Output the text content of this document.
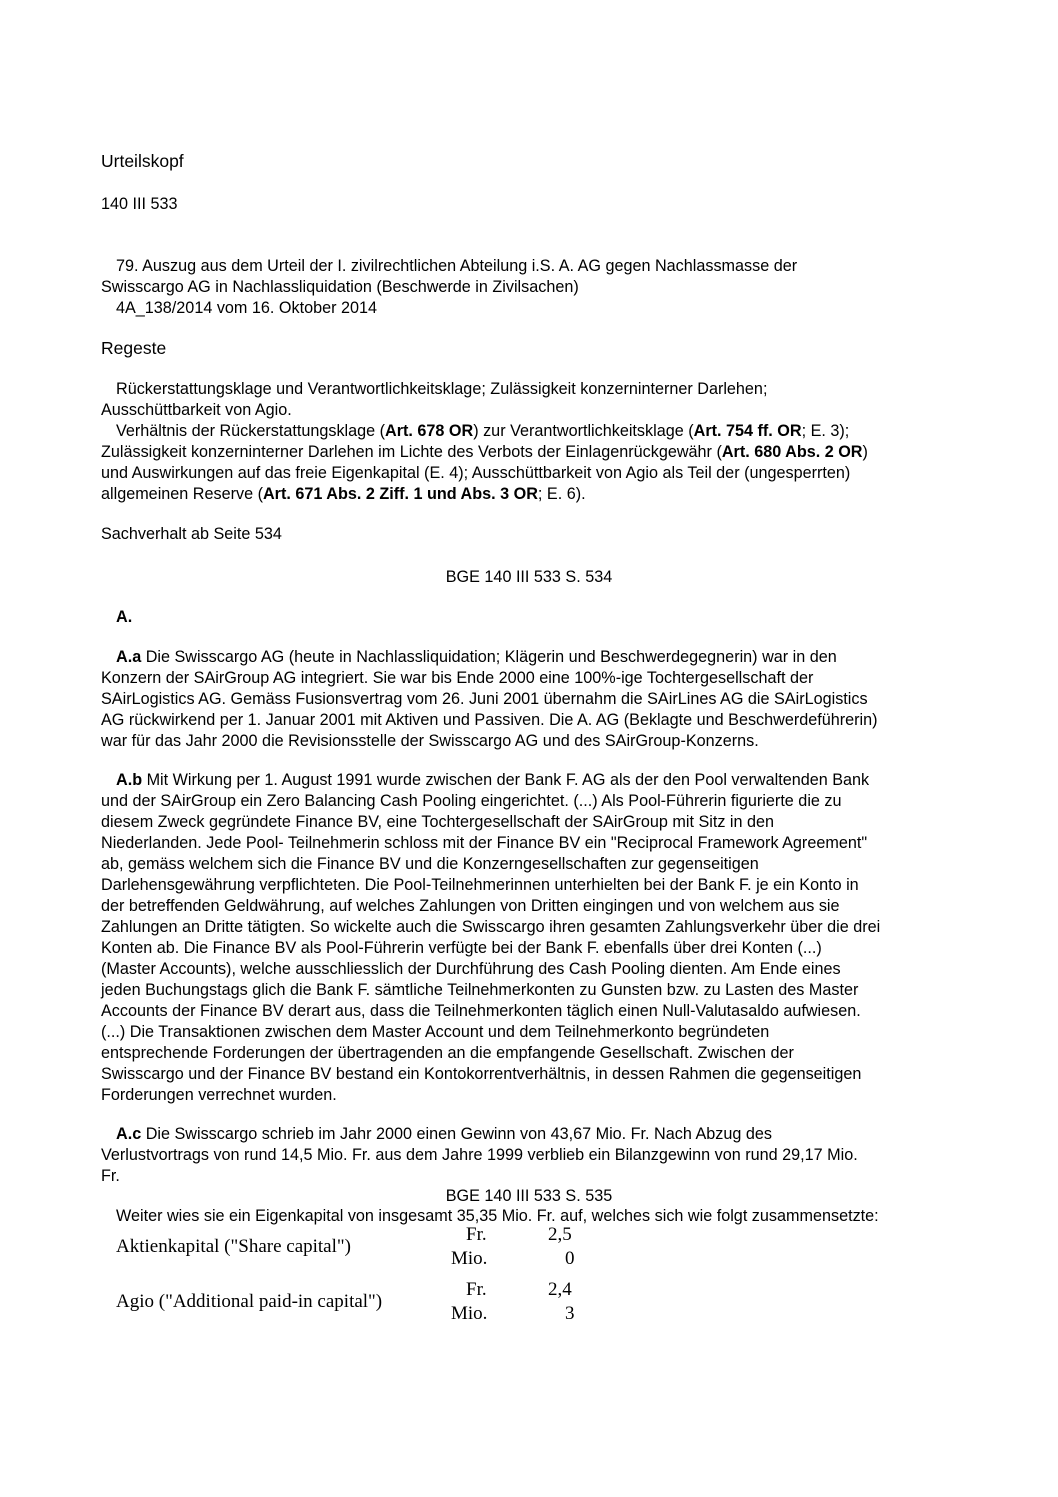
Urteilskopf
140 III 533
79. Auszug aus dem Urteil der I. zivilrechtlichen Abteilung i.S. A. AG gegen Nachlassmasse der
Swisscargo AG in Nachlassliquidation (Beschwerde in Zivilsachen)
4A_138/2014 vom 16. Oktober 2014
Regeste
Rückerstattungsklage und Verantwortlichkeitsklage; Zulässigkeit konzerninterner Darlehen;
Ausschüttbarkeit von Agio.
Verhältnis der Rückerstattungsklage (Art. 678 OR) zur Verantwortlichkeitsklage (Art. 754 ff. OR; E. 3);
Zulässigkeit konzerninterner Darlehen im Lichte des Verbots der Einlagenrückgewähr (Art. 680 Abs. 2 OR)
und Auswirkungen auf das freie Eigenkapital (E. 4); Ausschüttbarkeit von Agio als Teil der (ungesperrten)
allgemeinen Reserve (Art. 671 Abs. 2 Ziff. 1 und Abs. 3 OR; E. 6).
Sachverhalt ab Seite 534
BGE 140 III 533 S. 534
A.
A.a Die Swisscargo AG (heute in Nachlassliquidation; Klägerin und Beschwerdegegnerin) war in den
Konzern der SAirGroup AG integriert. Sie war bis Ende 2000 eine 100%-ige Tochtergesellschaft der
SAirLogistics AG. Gemäss Fusionsvertrag vom 26. Juni 2001 übernahm die SAirLines AG die SAirLogistics
AG rückwirkend per 1. Januar 2001 mit Aktiven und Passiven. Die A. AG (Beklagte und Beschwerdeführerin)
war für das Jahr 2000 die Revisionsstelle der Swisscargo AG und des SAirGroup-Konzerns.
A.b Mit Wirkung per 1. August 1991 wurde zwischen der Bank F. AG als der den Pool verwaltenden Bank
und der SAirGroup ein Zero Balancing Cash Pooling eingerichtet. (...) Als Pool-Führerin figurierte die zu
diesem Zweck gegründete Finance BV, eine Tochtergesellschaft der SAirGroup mit Sitz in den
Niederlanden. Jede Pool- Teilnehmerin schloss mit der Finance BV ein "Reciprocal Framework Agreement"
ab, gemäss welchem sich die Finance BV und die Konzerngesellschaften zur gegenseitigen
Darlehensgewährung verpflichteten. Die Pool-Teilnehmerinnen unterhielten bei der Bank F. je ein Konto in
der betreffenden Geldwährung, auf welches Zahlungen von Dritten eingingen und von welchem aus sie
Zahlungen an Dritte tätigten. So wickelte auch die Swisscargo ihren gesamten Zahlungsverkehr über die drei
Konten ab. Die Finance BV als Pool-Führerin verfügte bei der Bank F. ebenfalls über drei Konten (...)
(Master Accounts), welche ausschliesslich der Durchführung des Cash Pooling dienten. Am Ende eines
jeden Buchungstags glich die Bank F. sämtliche Teilnehmerkonten zu Gunsten bzw. zu Lasten des Master
Accounts der Finance BV derart aus, dass die Teilnehmerkonten täglich einen Null-Valutasaldo aufwiesen.
(...) Die Transaktionen zwischen dem Master Account und dem Teilnehmerkonto begründeten
entsprechende Forderungen der übertragenden an die empfangende Gesellschaft. Zwischen der
Swisscargo und der Finance BV bestand ein Kontokorrentverhältnis, in dessen Rahmen die gegenseitigen
Forderungen verrechnet wurden.
A.c Die Swisscargo schrieb im Jahr 2000 einen Gewinn von 43,67 Mio. Fr. Nach Abzug des
Verlustvortrags von rund 14,5 Mio. Fr. aus dem Jahre 1999 verblieb ein Bilanzgewinn von rund 29,17 Mio.
Fr.
BGE 140 III 533 S. 535
Weiter wies sie ein Eigenkapital von insgesamt 35,35 Mio. Fr. auf, welches sich wie folgt zusammensetzte:
Aktienkapital ("Share capital")
Fr.
Mio.
2,5
0
Agio ("Additional paid-in capital")
Fr.
Mio.
2,4
3
